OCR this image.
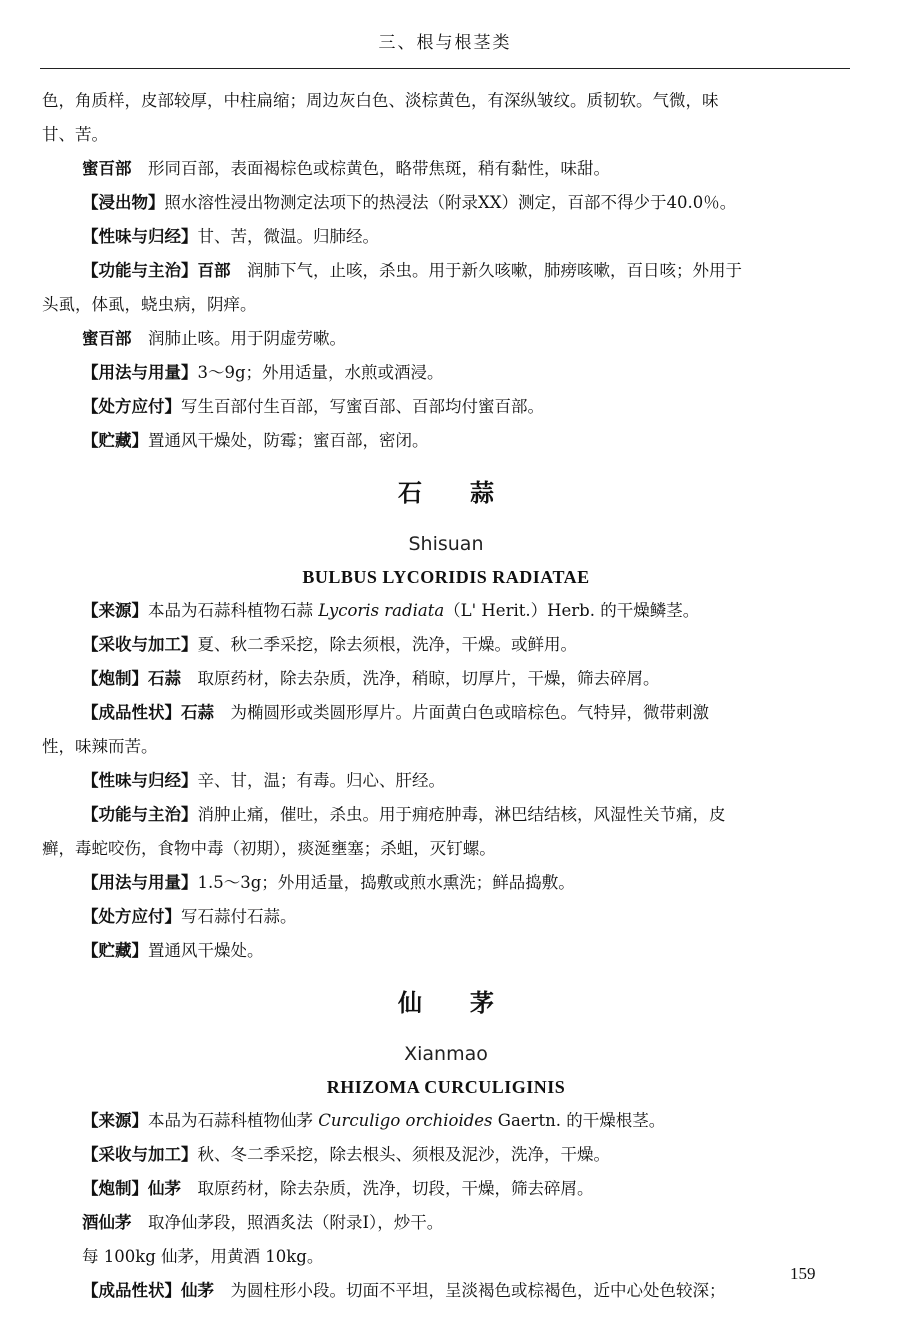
三、根与根茎类

色，角质样，皮部较厚，中柱扁缩；周边灰白色、淡棕黄色，有深纵皱纹。质韧软。气微，味

甘、苦。

蜜百部　形同百部，表面褐棕色或棕黄色，略带焦斑，稍有黏性，味甜。

【浸出物】照水溶性浸出物测定法项下的热浸法（附录ⅩⅩ）测定，百部不得少于40.0％。

【性味与归经】甘、苦，微温。归肺经。

【功能与主治】百部　润肺下气，止咳，杀虫。用于新久咳嗽，肺痨咳嗽，百日咳；外用于

头虱，体虱，蛲虫病，阴痒。

蜜百部　润肺止咳。用于阴虚劳嗽。

【用法与用量】3～9g；外用适量，水煎或酒浸。

【处方应付】写生百部付生百部，写蜜百部、百部均付蜜百部。

【贮藏】置通风干燥处，防霉；蜜百部，密闭。

石蒜
Shisuan
BULBUS LYCORIDIS RADIATAE

【来源】本品为石蒜科植物石蒜 Lycoris radiata（L' Herit.）Herb. 的干燥鳞茎。

【采收与加工】夏、秋二季采挖，除去须根，洗净，干燥。或鲜用。

【炮制】石蒜　取原药材，除去杂质，洗净，稍晾，切厚片，干燥，筛去碎屑。

【成品性状】石蒜　为椭圆形或类圆形厚片。片面黄白色或暗棕色。气特异，微带刺激

性，味辣而苦。

【性味与归经】辛、甘，温；有毒。归心、肝经。

【功能与主治】消肿止痛，催吐，杀虫。用于痈疮肿毒，淋巴结结核，风湿性关节痛，皮

癣，毒蛇咬伤，食物中毒（初期），痰涎壅塞；杀蛆，灭钉螺。

【用法与用量】1.5～3g；外用适量，捣敷或煎水熏洗；鲜品捣敷。

【处方应付】写石蒜付石蒜。

【贮藏】置通风干燥处。

仙茅
Xianmao
RHIZOMA CURCULIGINIS

【来源】本品为石蒜科植物仙茅 Curculigo orchioides Gaertn. 的干燥根茎。

【采收与加工】秋、冬二季采挖，除去根头、须根及泥沙，洗净，干燥。

【炮制】仙茅　取原药材，除去杂质，洗净，切段，干燥，筛去碎屑。

酒仙茅　取净仙茅段，照酒炙法（附录Ⅰ），炒干。

每 100kg 仙茅，用黄酒 10kg。

【成品性状】仙茅　为圆柱形小段。切面不平坦，呈淡褐色或棕褐色，近中心处色较深；

159
